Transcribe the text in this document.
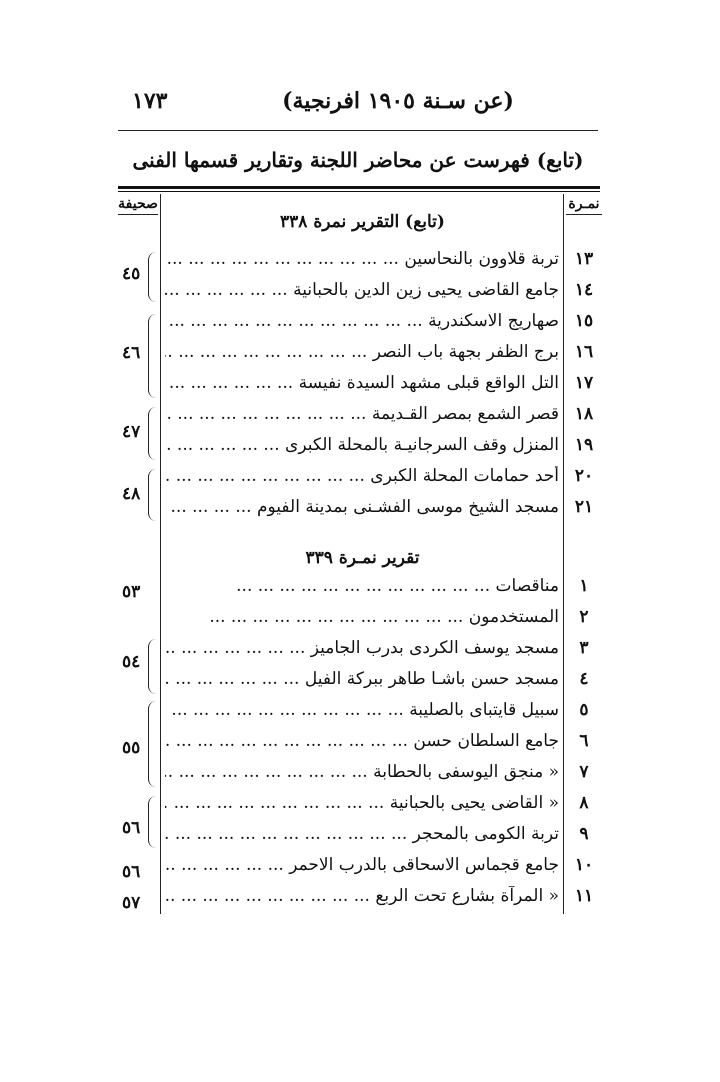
١٧٣	(عن سـنة ١٩٠٥ افرنجية)
(تابع) فهرست عن محاضر اللجنة وتقارير قسمها الفنى
نمـرة
صحيفة
(تابع) التقرير نمرة ٣٣٨
١٣
تربة قلاوون بالنحاسين ... .
١٤
جامع القاضى يحيى زين الدين بالحبانية ... .
١٥
صهاريج الاسكندرية ... .
١٦
برج الظفر بجهة باب النصر ... .
١٧
التل الواقع قبلى مشهد السيدة نفيسة ... .
١٨
قصر الشمع بمصر القـديمة ... .
١٩
المنزل وقف السرجانيـة بالمحلة الكبرى ... .
٢٠
أحد حمامات المحلة الكبرى ... .
٢١
مسجد الشيخ موسى الفشـنى بمدينة الفيوم ... .
٤٥
٤٦
٤٧
٤٨
تقرير نمـرة ٣٣٩
١
مناقصات ... .
٢
المستخدمون ... .
٣
مسجد يوسف الكردى بدرب الجاميز ... .
٤
مسجد حسن باشـا طاهر ببركة الفيل ... .
٥
سبيل قايتباى بالصليبة ... .
٦
جامع السلطان حسن ... .
٧
« منجق اليوسفى بالحطابة ... .
٨
« القاضى يحيى بالحبانية ... .
٩
تربة الكومى بالمحجر ... .
١٠
جامع قجماس الاسحاقى بالدرب الاحمر ... .
١١
« المرآة بشارع تحت الربع ... .
٥٣
٥٤
٥٥
٥٦
٥٦
٥٧
